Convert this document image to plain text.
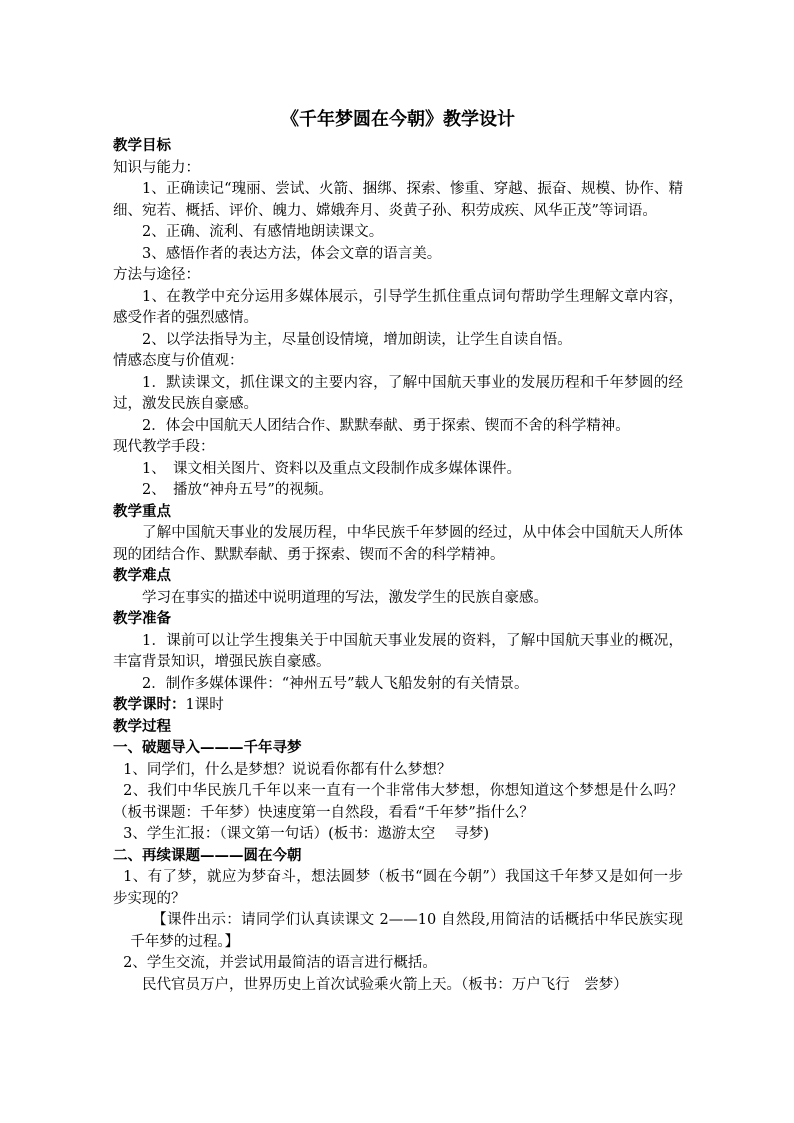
《千年梦圆在今朝》教学设计

教学目标

知识与能力：

1、正确读记“瑰丽、尝试、火箭、捆绑、探索、惨重、穿越、振奋、规模、协作、精细、宛若、概括、评价、魄力、嫦娥奔月、炎黄子孙、积劳成疾、风华正茂”等词语。

2、正确、流利、有感情地朗读课文。

3、感悟作者的表达方法，体会文章的语言美。

方法与途径：

1、在教学中充分运用多媒体展示，引导学生抓住重点词句帮助学生理解文章内容，感受作者的强烈感情。

2、以学法指导为主，尽量创设情境，增加朗读，让学生自读自悟。

情感态度与价值观：

1．默读课文，抓住课文的主要内容，了解中国航天事业的发展历程和千年梦圆的经过，激发民族自豪感。

2．体会中国航天人团结合作、默默奉献、勇于探索、锲而不舍的科学精神。

现代教学手段：

1、　课文相关图片、资料以及重点文段制作成多媒体课件。

2、　播放“神舟五号”的视频。

教学重点

了解中国航天事业的发展历程，中华民族千年梦圆的经过，从中体会中国航天人所体现的团结合作、默默奉献、勇于探索、锲而不舍的科学精神。

教学难点

学习在事实的描述中说明道理的写法，激发学生的民族自豪感。

教学准备

1．课前可以让学生搜集关于中国航天事业发展的资料，了解中国航天事业的概况，丰富背景知识，增强民族自豪感。

2．制作多媒体课件：“神州五号”载人飞船发射的有关情景。

教学课时：1课时

教学过程

一、破题导入———千年寻梦

1、同学们，什么是梦想？说说看你都有什么梦想？

2、我们中华民族几千年以来一直有一个非常伟大梦想，你想知道这个梦想是什么吗？（板书课题：千年梦）快速度第一自然段，看看“千年梦”指什么？

3、学生汇报：（课文第一句话）(板书：遨游太空　 寻梦)

二、再续课题———圆在今朝

1、有了梦，就应为梦奋斗，想法圆梦（板书“圆在今朝”）我国这千年梦又是如何一步步实现的？

【课件出示：请同学们认真读课文 2——10 自然段,用简洁的话概括中华民族实现千年梦的过程。】

2、学生交流，并尝试用最简洁的语言进行概括。

民代官员万户，世界历史上首次试验乘火箭上天。（板书：万户飞行　尝梦）
